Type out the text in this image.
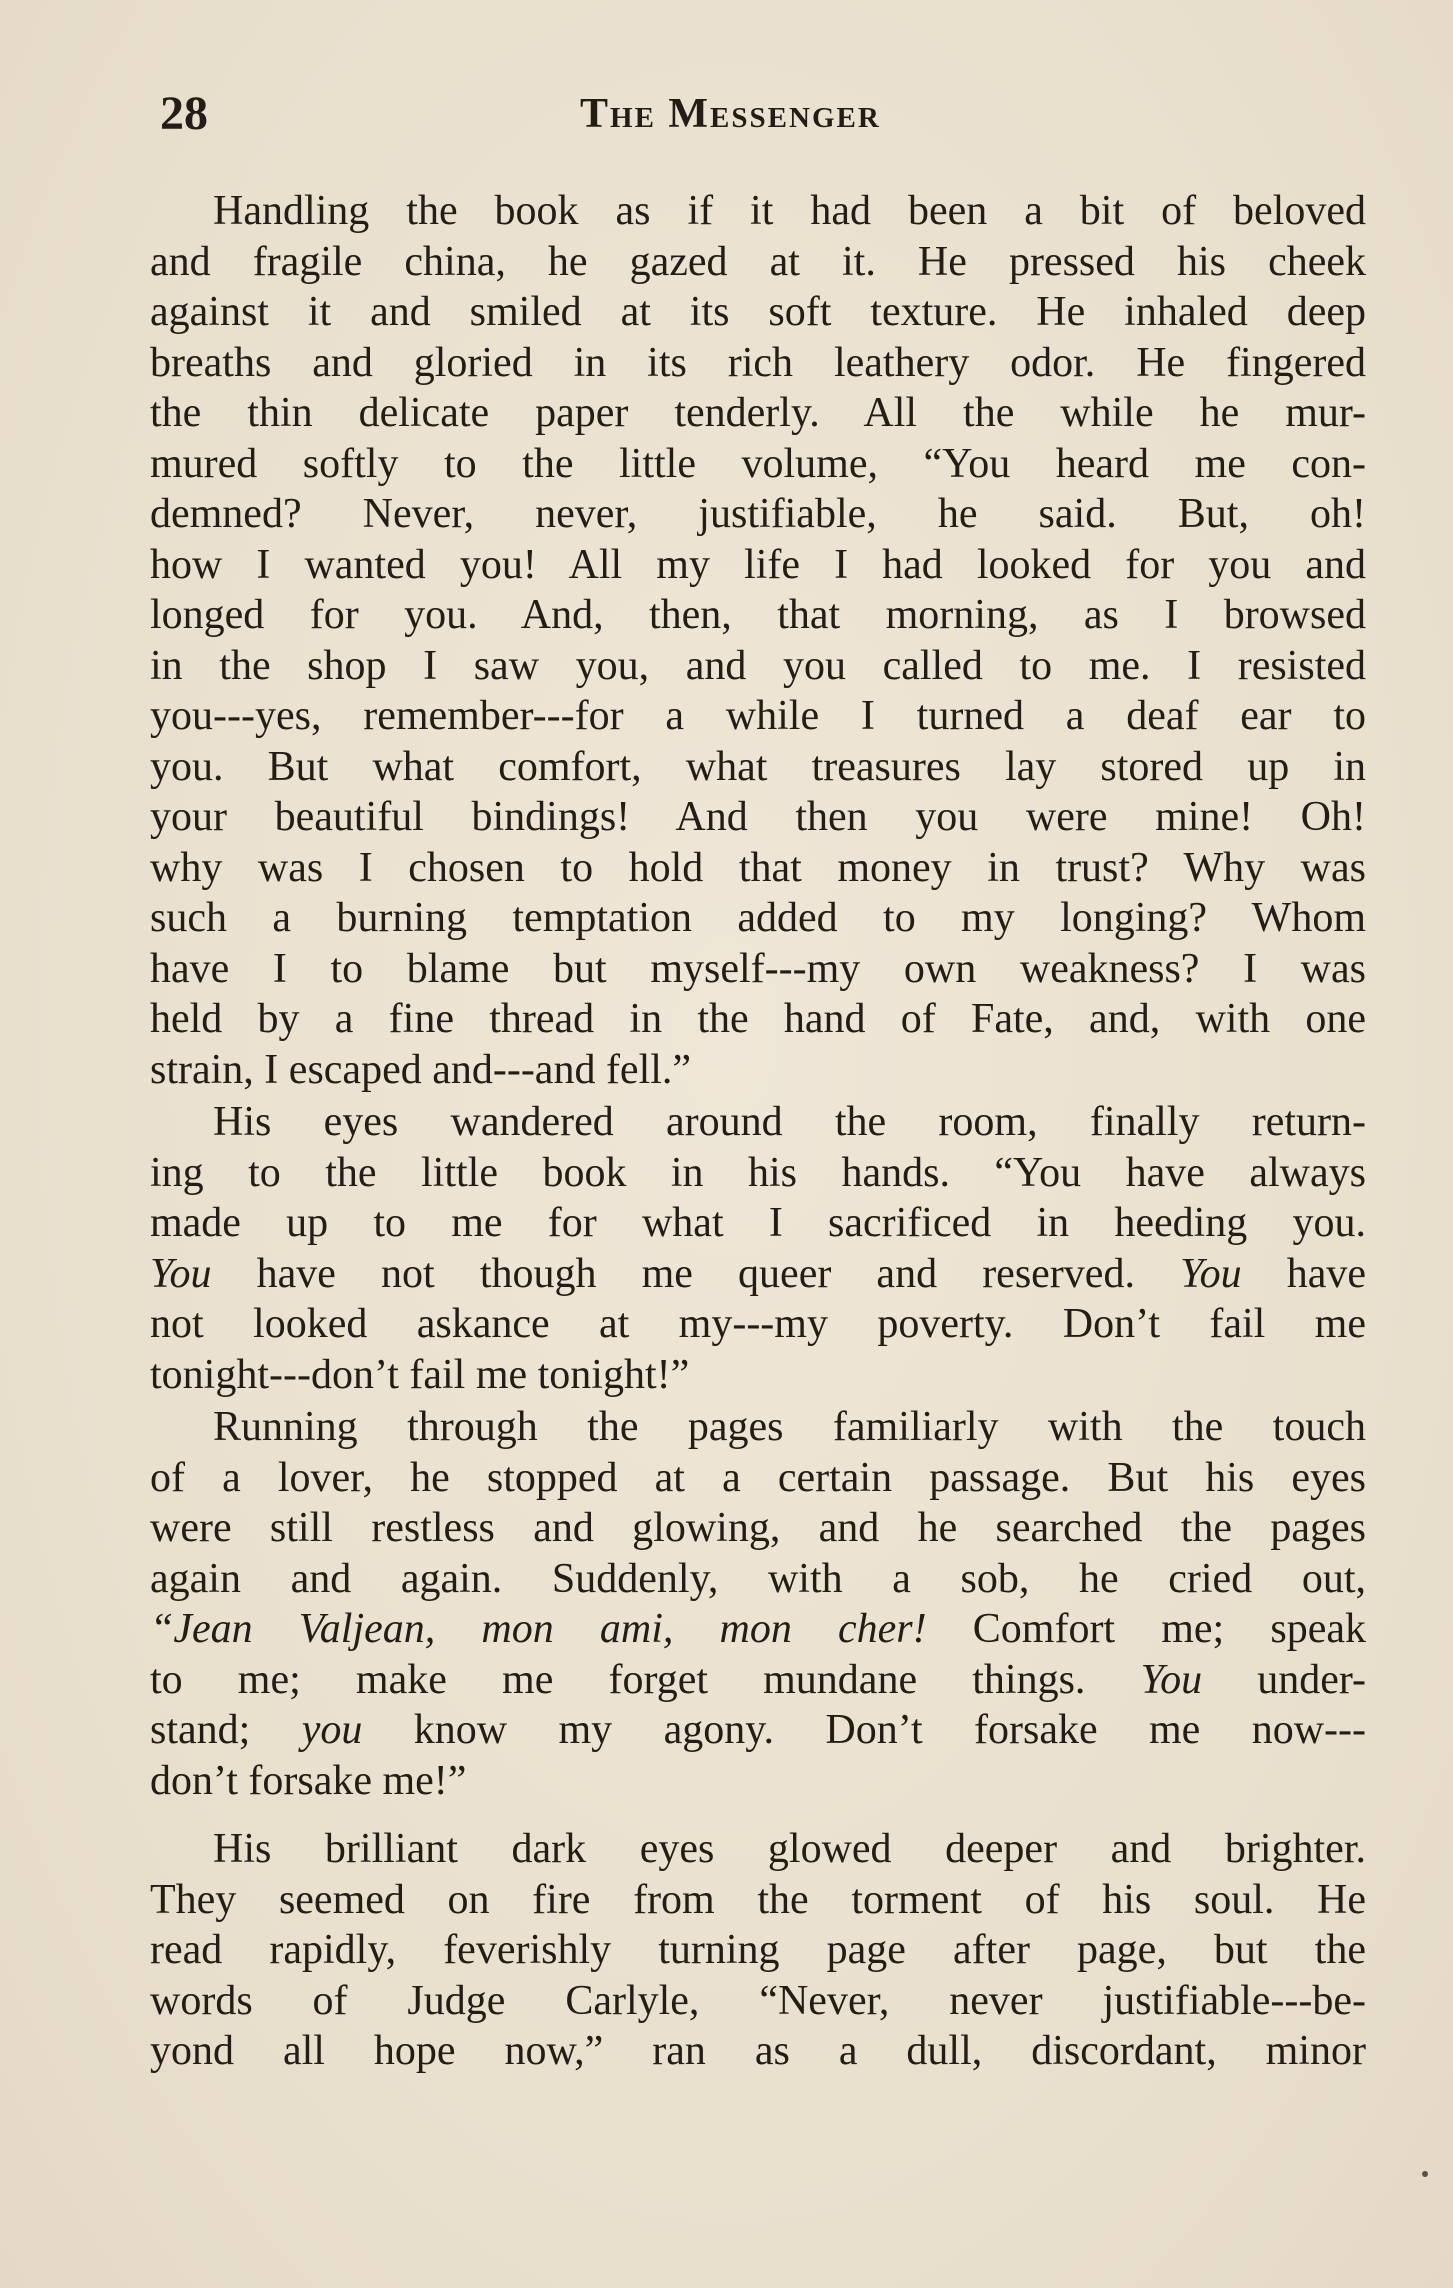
28	The Messenger
Handling the book as if it had been a bit of beloved
and fragile china, he gazed at it. He pressed his cheek
against it and smiled at its soft texture. He inhaled deep
breaths and gloried in its rich leathery odor. He fingered
the thin delicate paper tenderly. All the while he mur-
mured softly to the little volume, “You heard me con-
demned? Never, never, justifiable, he said. But, oh!
how I wanted you! All my life I had looked for you and
longed for you. And, then, that morning, as I browsed
in the shop I saw you, and you called to me. I resisted
you---yes, remember---for a while I turned a deaf ear to
you. But what comfort, what treasures lay stored up in
your beautiful bindings! And then you were mine! Oh!
why was I chosen to hold that money in trust? Why was
such a burning temptation added to my longing? Whom
have I to blame but myself---my own weakness? I was
held by a fine thread in the hand of Fate, and, with one
strain, I escaped and---and fell.”
His eyes wandered around the room, finally return-
ing to the little book in his hands. “You have always
made up to me for what I sacrificed in heeding you.
You have not though me queer and reserved. You have
not looked askance at my---my poverty. Don’t fail me
tonight---don’t fail me tonight!”
Running through the pages familiarly with the touch
of a lover, he stopped at a certain passage. But his eyes
were still restless and glowing, and he searched the pages
again and again. Suddenly, with a sob, he cried out,
“Jean Valjean, mon ami, mon cher! Comfort me; speak
to me; make me forget mundane things. You under-
stand; you know my agony. Don’t forsake me now---
don’t forsake me!”
His brilliant dark eyes glowed deeper and brighter.
They seemed on fire from the torment of his soul. He
read rapidly, feverishly turning page after page, but the
words of Judge Carlyle, “Never, never justifiable---be-
yond all hope now,” ran as a dull, discordant, minor
